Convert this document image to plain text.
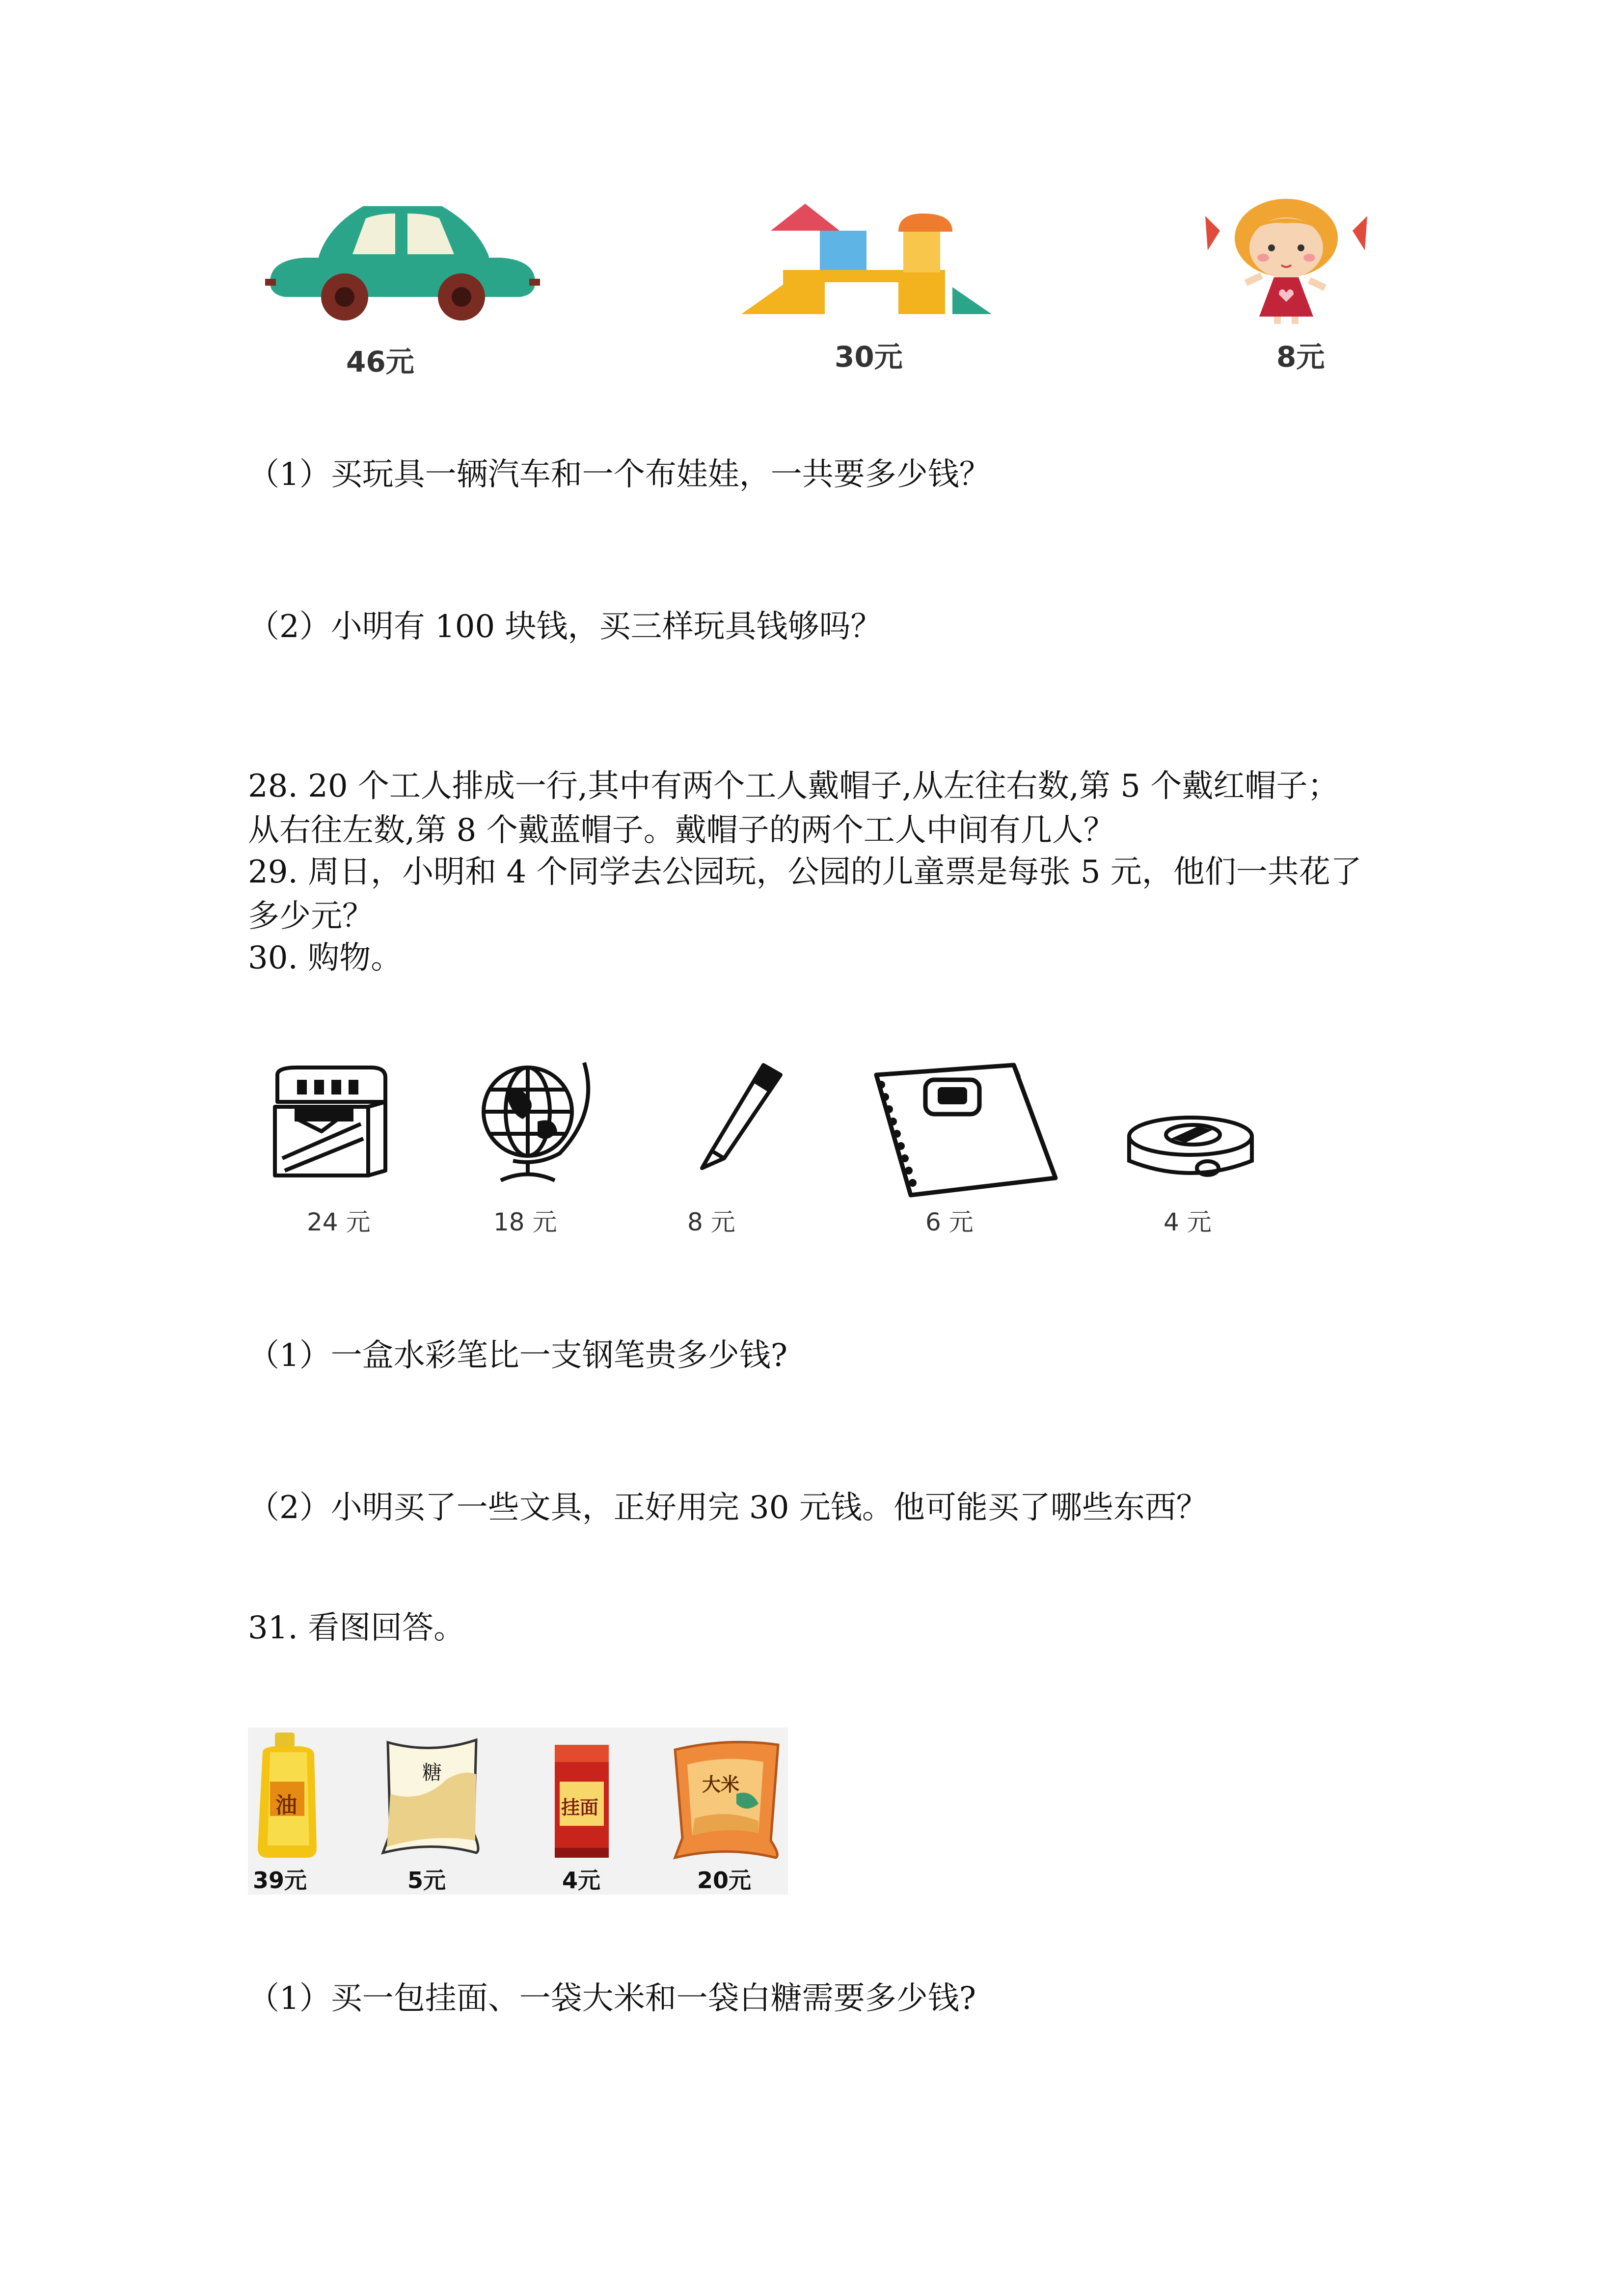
46元	30元	8元
（1）买玩具一辆汽车和一个布娃娃，一共要多少钱？
（2）小明有 100 块钱，买三样玩具钱够吗？
28. 20 个工人排成一行,其中有两个工人戴帽子,从左往右数,第 5 个戴红帽子；
从右往左数,第 8 个戴蓝帽子。戴帽子的两个工人中间有几人？
29. 周日，小明和 4 个同学去公园玩，公园的儿童票是每张 5 元，他们一共花了
多少元？
30. 购物。
24 元	18 元	8 元	6 元	4 元
（1）一盒水彩笔比一支钢笔贵多少钱?
（2）小明买了一些文具，正好用完 30 元钱。他可能买了哪些东西？
31. 看图回答。
油
39元
糖
5元
挂面
4元
大米
20元
（1）买一包挂面、一袋大米和一袋白糖需要多少钱?
